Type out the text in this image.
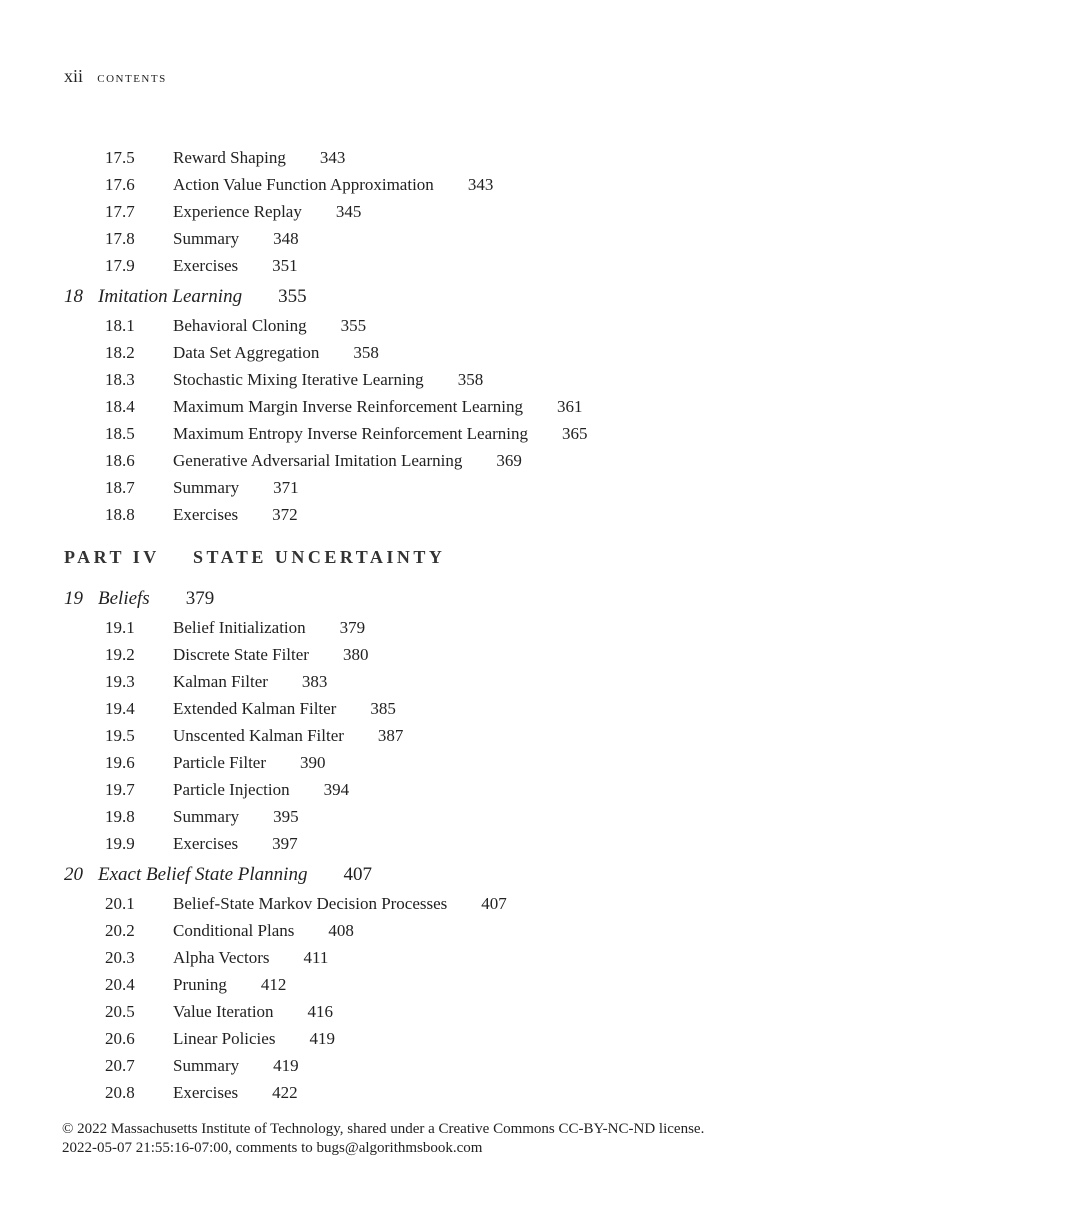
xii contents
17.5 Reward Shaping 343
17.6 Action Value Function Approximation 343
17.7 Experience Replay 345
17.8 Summary 348
17.9 Exercises 351
18 Imitation Learning 355
18.1 Behavioral Cloning 355
18.2 Data Set Aggregation 358
18.3 Stochastic Mixing Iterative Learning 358
18.4 Maximum Margin Inverse Reinforcement Learning 361
18.5 Maximum Entropy Inverse Reinforcement Learning 365
18.6 Generative Adversarial Imitation Learning 369
18.7 Summary 371
18.8 Exercises 372
PART IV STATE UNCERTAINTY
19 Beliefs 379
19.1 Belief Initialization 379
19.2 Discrete State Filter 380
19.3 Kalman Filter 383
19.4 Extended Kalman Filter 385
19.5 Unscented Kalman Filter 387
19.6 Particle Filter 390
19.7 Particle Injection 394
19.8 Summary 395
19.9 Exercises 397
20 Exact Belief State Planning 407
20.1 Belief-State Markov Decision Processes 407
20.2 Conditional Plans 408
20.3 Alpha Vectors 411
20.4 Pruning 412
20.5 Value Iteration 416
20.6 Linear Policies 419
20.7 Summary 419
20.8 Exercises 422
© 2022 Massachusetts Institute of Technology, shared under a Creative Commons CC-BY-NC-ND license.
2022-05-07 21:55:16-07:00, comments to bugs@algorithmsbook.com
